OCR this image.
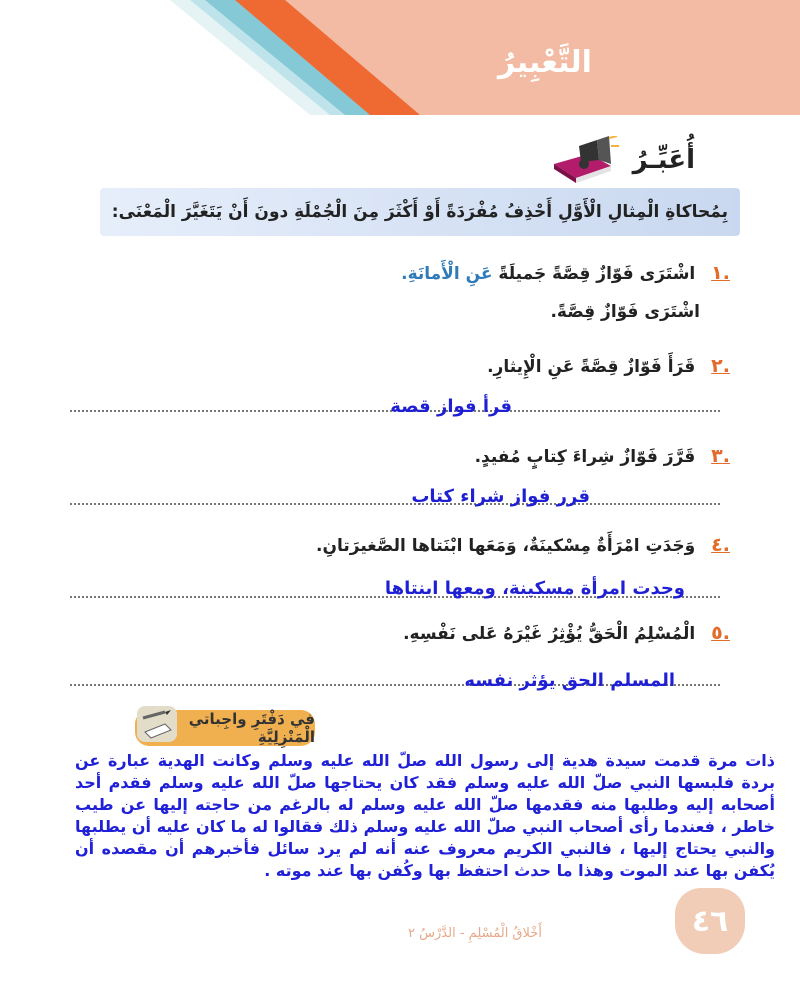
التَّعْبِيرُ
أُعَبِّـرُ
بِمُحاكاةِ الْمِثالِ الْأَوَّلِ أَحْذِفُ مُفْرَدَةً أَوْ أَكْثَرَ مِنَ الْجُمْلَةِ دونَ أَنْ يَتَغَيَّرَ الْمَعْنَى:
.١ اشْتَرَى فَوّازٌ قِصَّةً جَميلَةً عَنِ الْأَمانَةِ.
اشْتَرَى فَوّازٌ قِصَّةً.
.٢ قَرَأَ فَوّازٌ قِصَّةً عَنِ الْإِيثارِ.
قرأ فواز قصة
.٣ قَرَّرَ فَوّازٌ شِراءَ كِتابٍ مُفيدٍ.
قرر فواز شراء كتاب
.٤ وَجَدَتِ امْرَأَةٌ مِسْكينَةٌ، وَمَعَها ابْنَتاها الصَّغيرَتانِ.
وجدت امرأة مسكينة، ومعها ابنتاها
.٥ الْمُسْلِمُ الْحَقُّ يُؤْثِرُ غَيْرَهُ عَلى نَفْسِهِ.
المسلم الحق يؤثر نفسه
في دَفْتَرِ واجِباتي الْمَنْزِلِيَّةِ
ذات مرة قدمت سيدة هدية إلى رسول الله صلّ الله عليه وسلم وكانت الهدية عبارة عن بردة فلبسها النبي صلّ الله عليه وسلم فقد كان يحتاجها صلّ الله عليه وسلم فقدم أحد أصحابه إليه وطلبها منه فقدمها صلّ الله عليه وسلم له بالرغم من حاجته إليها عن طيب خاطر ، فعندما رأى أصحاب النبي صلّ الله عليه وسلم ذلك فقالوا له ما كان عليه أن يطلبها والنبي يحتاج إليها ، فالنبي الكريم معروف عنه أنه لم يرد سائل فأخبرهم أن مقصده أن يُكفن بها عند الموت وهذا ما حدث احتفظ بها وكُفن بها عند موته .
أَخْلاقُ الْمُسْلِمِ - الدَّرْسُ ٢	٤٦
